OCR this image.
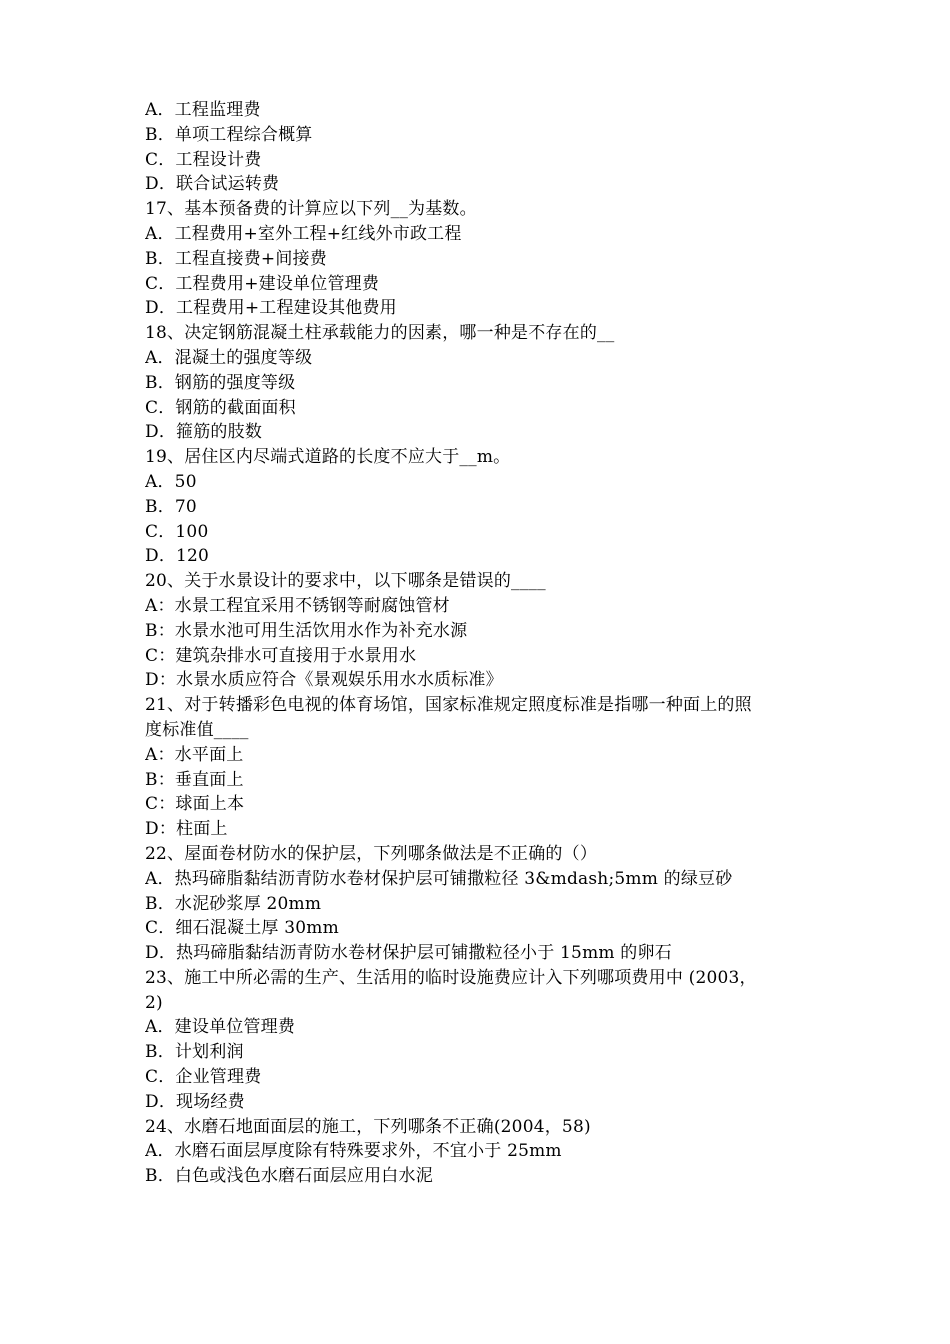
A．工程监理费
B．单项工程综合概算
C．工程设计费
D．联合试运转费
17、基本预备费的计算应以下列__为基数。
A．工程费用+室外工程+红线外市政工程
B．工程直接费+间接费
C．工程费用+建设单位管理费
D．工程费用+工程建设其他费用
18、决定钢筋混凝土柱承载能力的因素，哪一种是不存在的__
A．混凝土的强度等级
B．钢筋的强度等级
C．钢筋的截面面积
D．箍筋的肢数
19、居住区内尽端式道路的长度不应大于__m。
A．50
B．70
C．100
D．120
20、关于水景设计的要求中，以下哪条是错误的____
A：水景工程宜采用不锈钢等耐腐蚀管材
B：水景水池可用生活饮用水作为补充水源
C：建筑杂排水可直接用于水景用水
D：水景水质应符合《景观娱乐用水水质标准》
21、对于转播彩色电视的体育场馆，国家标准规定照度标准是指哪一种面上的照
度标准值____
A：水平面上
B：垂直面上
C：球面上本
D：柱面上
22、屋面卷材防水的保护层，下列哪条做法是不正确的（）
A．热玛碲脂黏结沥青防水卷材保护层可铺撒粒径 3&mdash;5mm 的绿豆砂
B．水泥砂浆厚 20mm
C．细石混凝土厚 30mm
D．热玛碲脂黏结沥青防水卷材保护层可铺撒粒径小于 15mm 的卵石
23、施工中所必需的生产、生活用的临时设施费应计入下列哪项费用中 (2003，
2)
A．建设单位管理费
B．计划利润
C．企业管理费
D．现场经费
24、水磨石地面面层的施工，下列哪条不正确(2004，58)
A．水磨石面层厚度除有特殊要求外，不宜小于 25mm
B．白色或浅色水磨石面层应用白水泥
